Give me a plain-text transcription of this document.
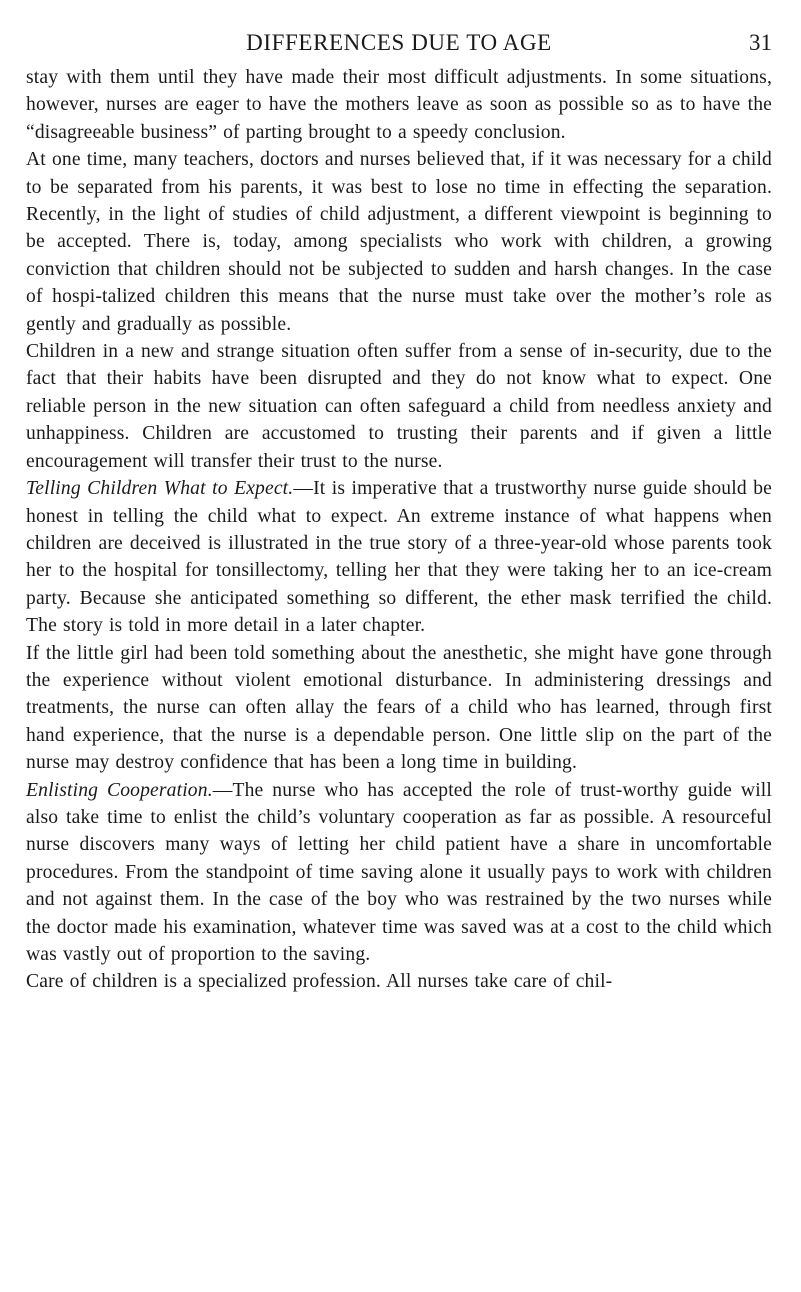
DIFFERENCES DUE TO AGE	31

stay with them until they have made their most difficult adjustments. In some situations, however, nurses are eager to have the mothers leave as soon as possible so as to have the “disagreeable business” of parting brought to a speedy conclusion.

At one time, many teachers, doctors and nurses believed that, if it was necessary for a child to be separated from his parents, it was best to lose no time in effecting the separation. Recently, in the light of studies of child adjustment, a different viewpoint is beginning to be accepted. There is, today, among specialists who work with children, a growing conviction that children should not be subjected to sudden and harsh changes. In the case of hospi-talized children this means that the nurse must take over the mother’s role as gently and gradually as possible.

Children in a new and strange situation often suffer from a sense of in-security, due to the fact that their habits have been disrupted and they do not know what to expect. One reliable person in the new situation can often safeguard a child from needless anxiety and unhappiness. Children are accustomed to trusting their parents and if given a little encouragement will transfer their trust to the nurse.

Telling Children What to Expect.—It is imperative that a trustworthy nurse guide should be honest in telling the child what to expect. An extreme instance of what happens when children are deceived is illustrated in the true story of a three-year-old whose parents took her to the hospital for tonsillectomy, telling her that they were taking her to an ice-cream party. Because she anticipated something so different, the ether mask terrified the child. The story is told in more detail in a later chapter.

If the little girl had been told something about the anesthetic, she might have gone through the experience without violent emotional disturbance. In administering dressings and treatments, the nurse can often allay the fears of a child who has learned, through first hand experience, that the nurse is a dependable person. One little slip on the part of the nurse may destroy confidence that has been a long time in building.

Enlisting Cooperation.—The nurse who has accepted the role of trust-worthy guide will also take time to enlist the child’s voluntary cooperation as far as possible. A resourceful nurse discovers many ways of letting her child patient have a share in uncomfortable procedures. From the standpoint of time saving alone it usually pays to work with children and not against them. In the case of the boy who was restrained by the two nurses while the doctor made his examination, whatever time was saved was at a cost to the child which was vastly out of proportion to the saving.

Care of children is a specialized profession. All nurses take care of chil-
